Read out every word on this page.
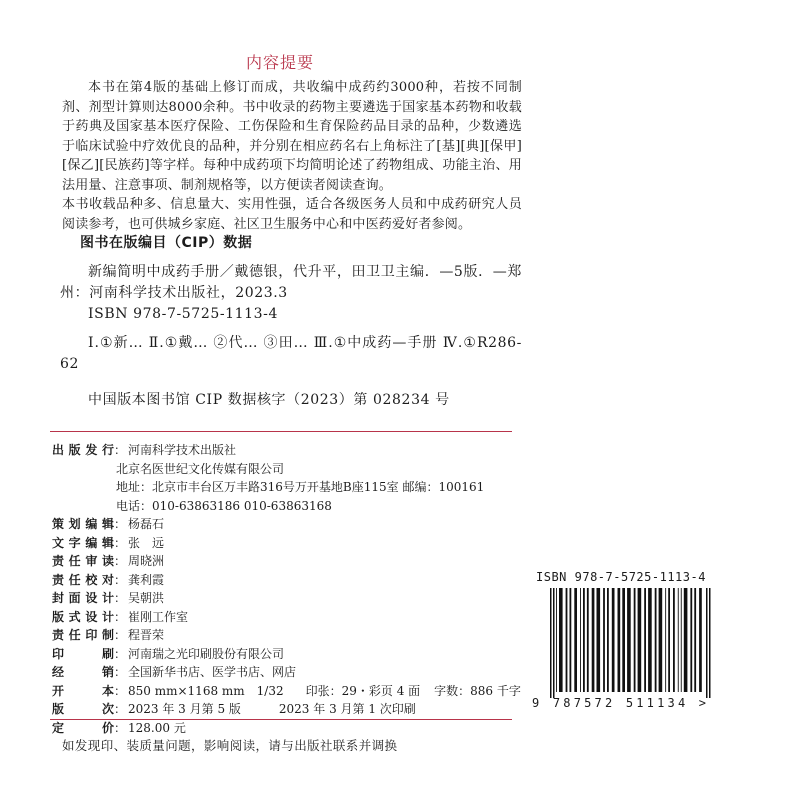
内容提要

本书在第4版的基础上修订而成，共收编中成药约3000种，若按不同制剂、剂型计算则达8000余种。书中收录的药物主要遴选于国家基本药物和收载于药典及国家基本医疗保险、工伤保险和生育保险药品目录的品种，少数遴选于临床试验中疗效优良的品种，并分别在相应药名右上角标注了[基][典][保甲][保乙][民族药]等字样。每种中成药项下均简明论述了药物组成、功能主治、用法用量、注意事项、制剂规格等，以方便读者阅读查询。

本书收载品种多、信息量大、实用性强，适合各级医务人员和中成药研究人员阅读参考，也可供城乡家庭、社区卫生服务中心和中医药爱好者参阅。

图书在版编目（CIP）数据

新编简明中成药手册／戴德银，代升平，田卫卫主编．—5版．—郑州：河南科学技术出版社，2023.3

ISBN 978-7-5725-1113-4

Ⅰ.①新… Ⅱ.①戴… ②代… ③田… Ⅲ.①中成药—手册 Ⅳ.①R286-62

中国版本图书馆 CIP 数据核字（2023）第 028234 号
出版发行 ： 河南科学技术出版社
北京名医世纪文化传媒有限公司
地址：北京市丰台区万丰路316号万开基地B座115室 邮编：100161
电话：010-63863186 010-63863168
策划编辑 ： 杨磊石
文字编辑 ： 张　远
责任审读 ： 周晓洲
责任校对 ： 龚利霞
封面设计 ： 吴朝洪
版式设计 ： 崔刚工作室
责任印制 ： 程晋荣
印　刷 ： 河南瑞之光印刷股份有限公司
经　销 ： 全国新华书店、医学书店、网店
开　本 ： 850 mm×1168 mm　1/32 印张：29・彩页 4 面 字数：886 千字
版　次 ： 2023 年 3 月第 5 版	2023 年 3 月第 1 次印刷
定　价 ： 128.00 元
如发现印、装质量问题，影响阅读，请与出版社联系并调换
ISBN 978-7-5725-1113-4
9 787572 511134 >
